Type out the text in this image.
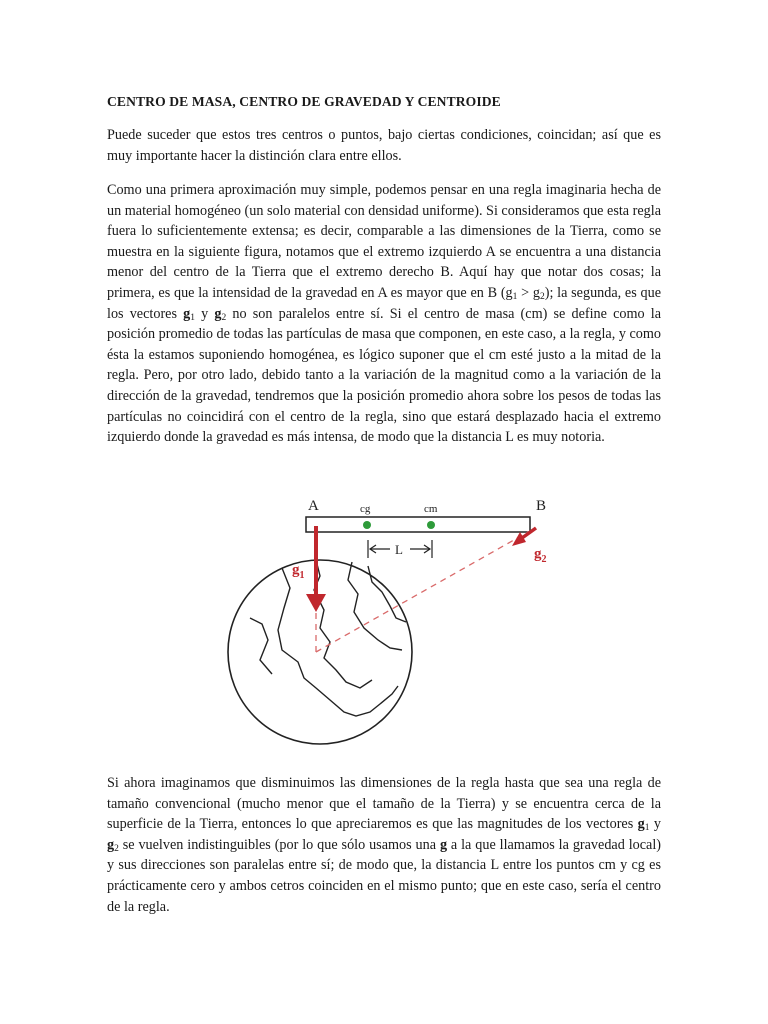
CENTRO DE MASA, CENTRO DE GRAVEDAD Y CENTROIDE

Puede suceder que estos tres centros o puntos, bajo ciertas condiciones, coincidan; así que es muy importante hacer la distinción clara entre ellos.

Como una primera aproximación muy simple, podemos pensar en una regla imaginaria hecha de un material homogéneo (un solo material con densidad uniforme). Si consideramos que esta regla fuera lo suficientemente extensa; es decir, comparable a las dimensiones de la Tierra, como se muestra en la siguiente figura, notamos que el extremo izquierdo A se encuentra a una distancia menor del centro de la Tierra que el extremo derecho B. Aquí hay que notar dos cosas; la primera, es que la intensidad de la gravedad en A es mayor que en B $(g_1 > g_2)$; la segunda, es que los vectores $g_1$ y $g_2$ no son paralelos entre sí. Si el centro de masa (cm) se define como la posición promedio de todas las partículas de masa que componen, en este caso, a la regla, y como ésta la estamos suponiendo homogénea, es lógico suponer que el cm esté justo a la mitad de la regla. Pero, por otro lado, debido tanto a la variación de la magnitud como a la variación de la dirección de la gravedad, tendremos que la posición promedio ahora sobre los pesos de todas las partículas no coincidirá con el centro de la regla, sino que estará desplazado hacia el extremo izquierdo donde la gravedad es más intensa, de modo que la distancia L es muy notoria.

A	B
cg	cm
L
$g_1$
$g_2$

Si ahora imaginamos que disminuimos las dimensiones de la regla hasta que sea una regla de tamaño convencional (mucho menor que el tamaño de la Tierra) y se encuentra cerca de la superficie de la Tierra, entonces lo que apreciaremos es que las magnitudes de los vectores $g_1$ y $g_2$ se vuelven indistinguibles (por lo que sólo usamos una g a la que llamamos la gravedad local) y sus direcciones son paralelas entre sí; de modo que, la distancia L entre los puntos cm y cg es prácticamente cero y ambos cetros coinciden en el mismo punto; que en este caso, sería el centro de la regla.
